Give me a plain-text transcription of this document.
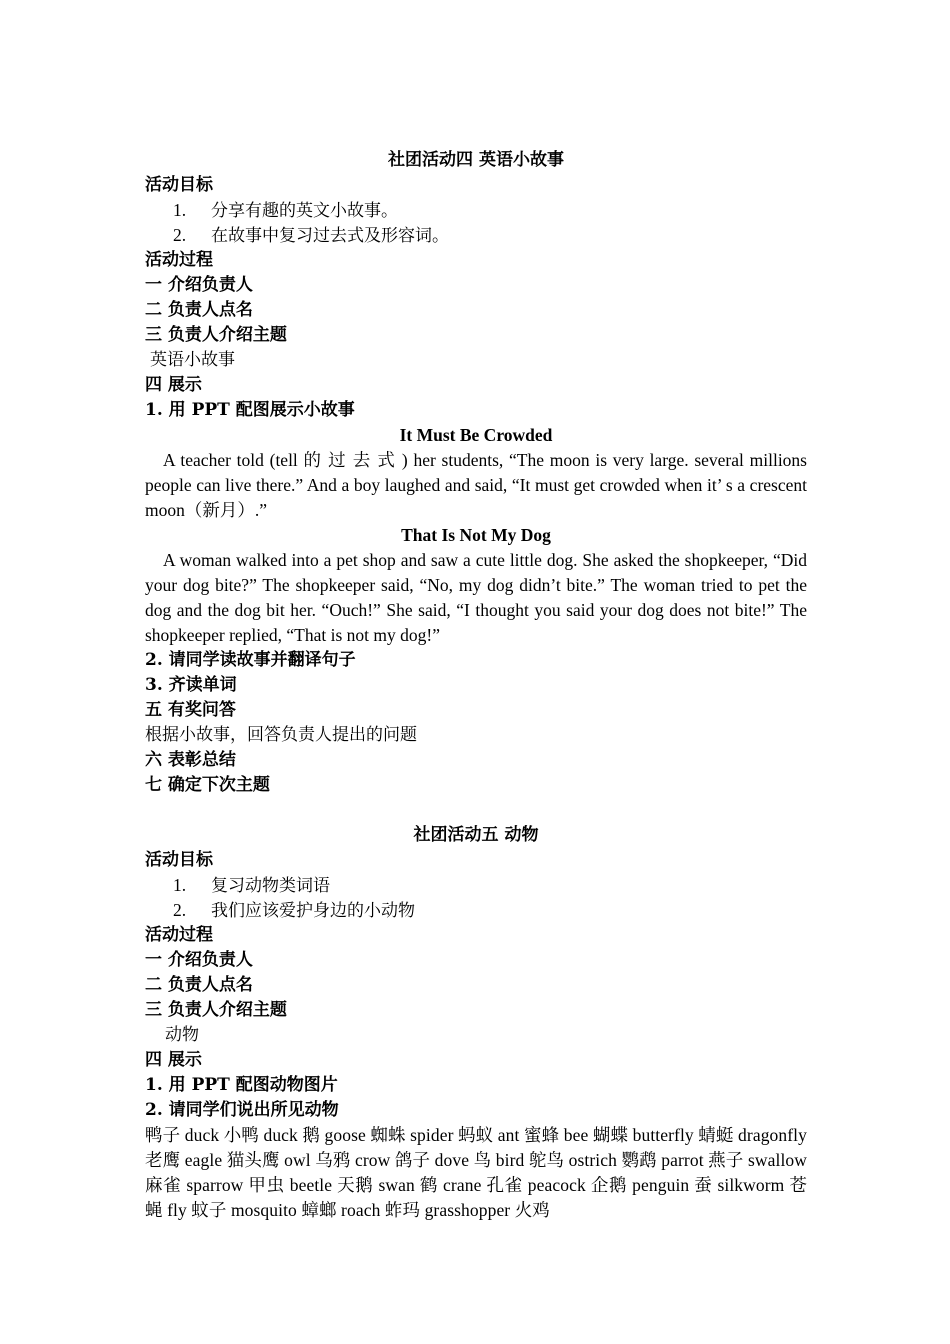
社团活动四 英语小故事
活动目标
1. 分享有趣的英文小故事。
2. 在故事中复习过去式及形容词。
活动过程
一 介绍负责人
二 负责人点名
三 负责人介绍主题
英语小故事
四 展示
1. 用 PPT 配图展示小故事
It Must Be Crowded
A teacher told (tell 的 过 去 式 ) her students, “The moon is very large. several millions people can live there.” And a boy laughed and said, “It must get crowded when it’ s a crescent moon（新月）.”
That Is Not My Dog
A woman walked into a pet shop and saw a cute little dog. She asked the shopkeeper, “Did your dog bite?” The shopkeeper said, “No, my dog didn’t bite.” The woman tried to pet the dog and the dog bit her. “Ouch!” She said, “I thought you said your dog does not bite!” The shopkeeper replied, “That is not my dog!”
2. 请同学读故事并翻译句子
3. 齐读单词
五 有奖问答
根据小故事，回答负责人提出的问题
六 表彰总结
七 确定下次主题
社团活动五 动物
活动目标
1. 复习动物类词语
2. 我们应该爱护身边的小动物
活动过程
一 介绍负责人
二 负责人点名
三 负责人介绍主题
动物
四 展示
1. 用 PPT 配图动物图片
2. 请同学们说出所见动物
鸭子 duck 小鸭 duck 鹅 goose 蜘蛛 spider 蚂蚁 ant 蜜蜂 bee 蝴蝶 butterfly 蜻蜓 dragonfly 老鹰 eagle 猫头鹰 owl 乌鸦 crow 鸽子 dove 鸟 bird 鸵鸟 ostrich 鹦鹉 parrot 燕子 swallow 麻雀 sparrow 甲虫 beetle 天鹅 swan 鹤 crane 孔雀 peacock 企鹅 penguin 蚕 silkworm 苍蝇 fly 蚊子 mosquito 蟑螂 roach 蚱玛 grasshopper 火鸡
